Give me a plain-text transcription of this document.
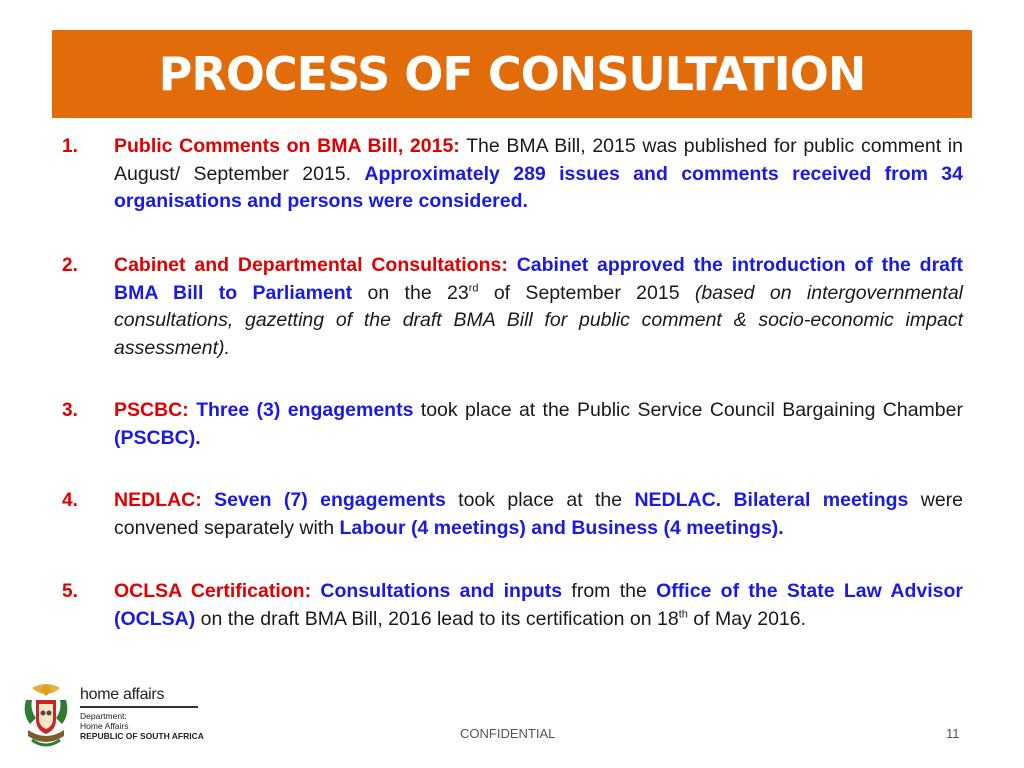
PROCESS OF CONSULTATION
1. Public Comments on BMA Bill, 2015: The BMA Bill, 2015 was published for public comment in August/ September 2015. Approximately 289 issues and comments received from 34 organisations and persons were considered.
2. Cabinet and Departmental Consultations: Cabinet approved the introduction of the draft BMA Bill to Parliament on the 23rd of September 2015 (based on intergovernmental consultations, gazetting of the draft BMA Bill for public comment & socio-economic impact assessment).
3. PSCBC: Three (3) engagements took place at the Public Service Council Bargaining Chamber (PSCBC).
4. NEDLAC: Seven (7) engagements took place at the NEDLAC. Bilateral meetings were convened separately with Labour (4 meetings) and Business (4 meetings).
5. OCLSA Certification: Consultations and inputs from the Office of the State Law Advisor (OCLSA) on the draft BMA Bill, 2016 lead to its certification on 18th of May 2016.
home affairs
Department:
Home Affairs
REPUBLIC OF SOUTH AFRICA	CONFIDENTIAL	11
